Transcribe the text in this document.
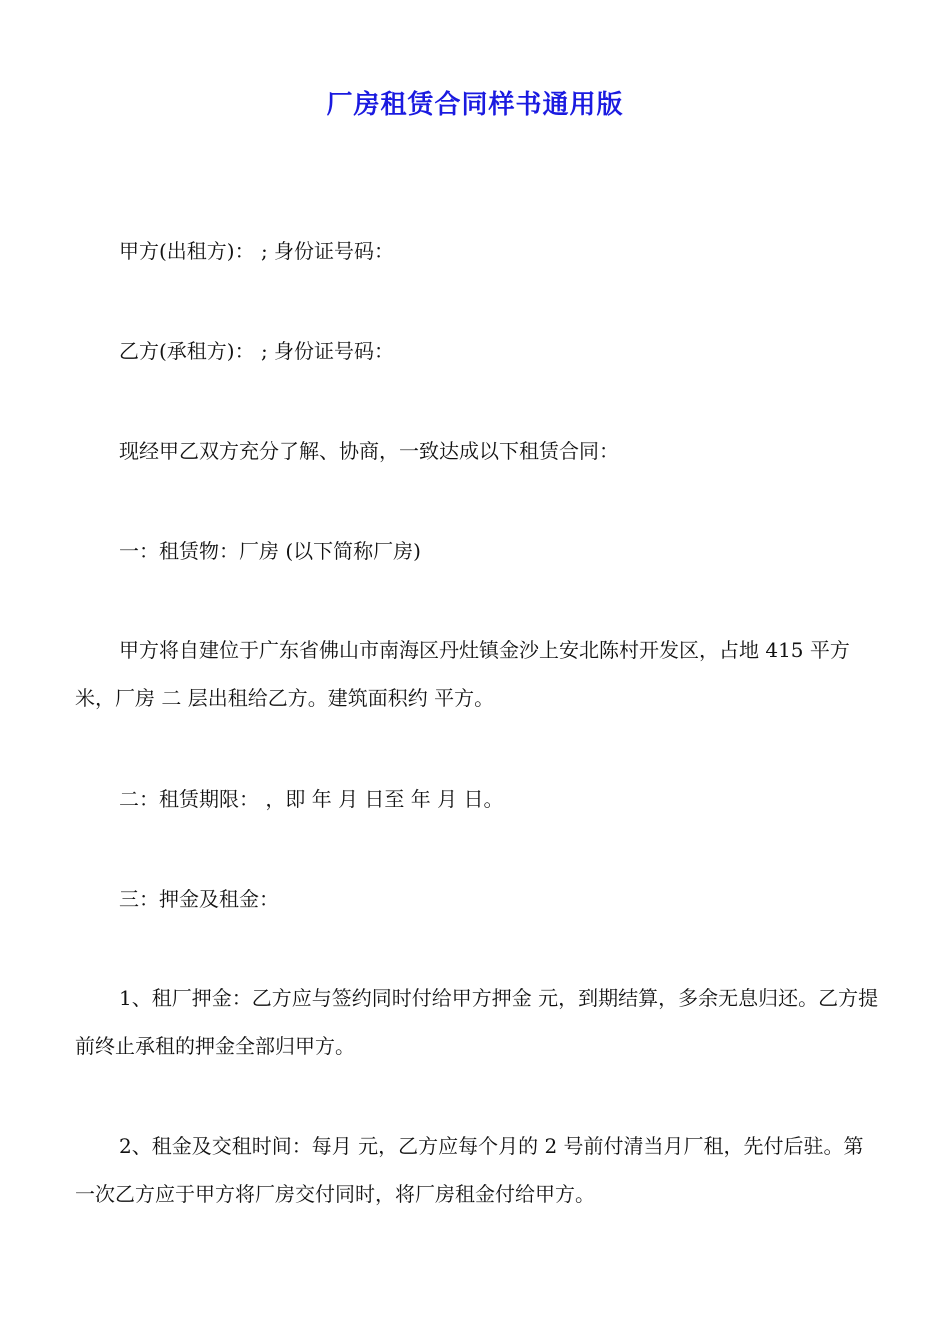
厂房租赁合同样书通用版
甲方(出租方)： ; 身份证号码：
乙方(承租方)： ; 身份证号码：
现经甲乙双方充分了解、协商，一致达成以下租赁合同：
一：租赁物：厂房 (以下简称厂房)
甲方将自建位于广东省佛山市南海区丹灶镇金沙上安北陈村开发区，占地 415 平方米，厂房 二 层出租给乙方。建筑面积约 平方。
二：租赁期限： ，即 年 月 日至 年 月 日。
三：押金及租金：
1、租厂押金：乙方应与签约同时付给甲方押金 元，到期结算，多余无息归还。乙方提前终止承租的押金全部归甲方。
2、租金及交租时间：每月 元，乙方应每个月的 2 号前付清当月厂租，先付后驻。第一次乙方应于甲方将厂房交付同时，将厂房租金付给甲方。
